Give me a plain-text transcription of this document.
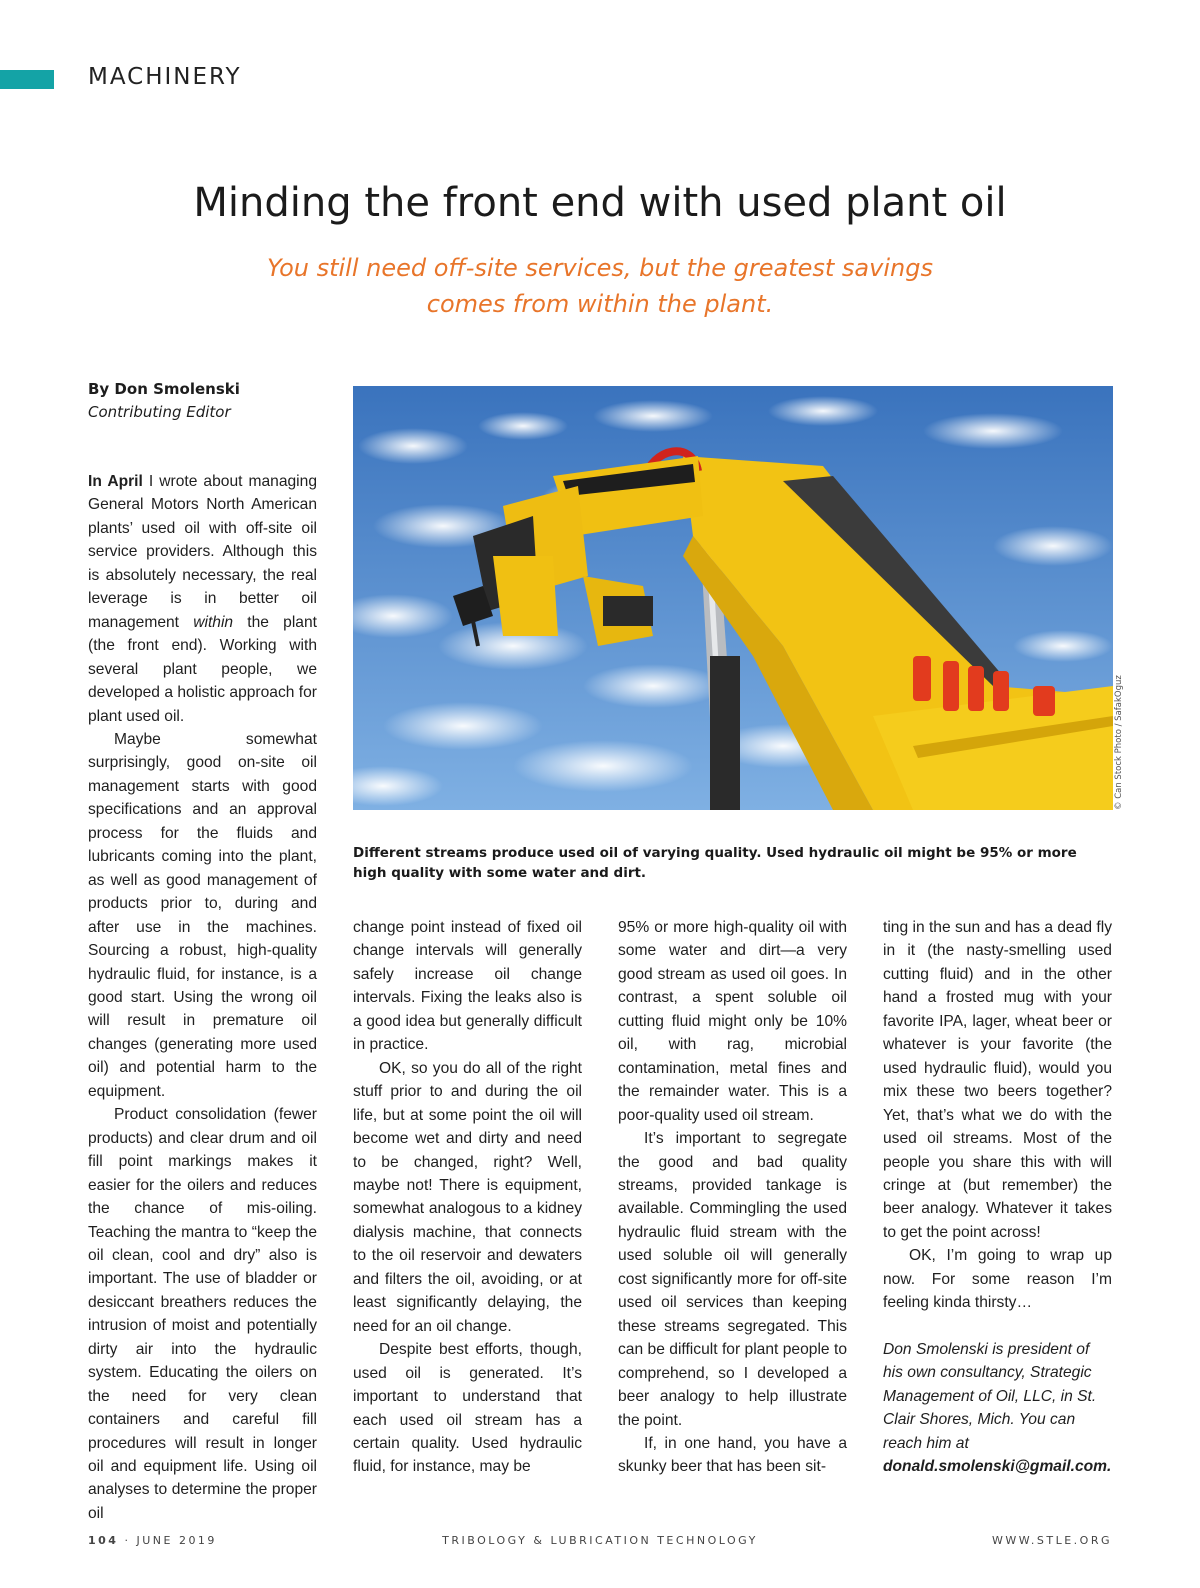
MACHINERY
Minding the front end with used plant oil
You still need off-site services, but the greatest savings comes from within the plant.
By Don Smolenski
Contributing Editor
© Can Stock Photo / SafakOguz
Different streams produce used oil of varying quality. Used hydraulic oil might be 95% or more high quality with some water and dirt.

In April I wrote about managing General Motors North American plants’ used oil with off-site oil service providers. Although this is absolutely necessary, the real leverage is in better oil management within the plant (the front end). Working with several plant people, we developed a holistic approach for plant used oil.

Maybe somewhat surprisingly, good on-site oil management starts with good specifications and an approval process for the fluids and lubricants coming into the plant, as well as good management of products prior to, during and after use in the machines. Sourcing a robust, high-quality hydraulic fluid, for instance, is a good start. Using the wrong oil will result in premature oil changes (generating more used oil) and potential harm to the equipment.

Product consolidation (fewer products) and clear drum and oil fill point markings makes it easier for the oilers and reduces the chance of mis-oiling. Teaching the mantra to “keep the oil clean, cool and dry” also is important. The use of bladder or desiccant breathers reduces the intrusion of moist and potentially dirty air into the hydraulic system. Educating the oilers on the need for very clean containers and careful fill procedures will result in longer oil and equipment life. Using oil analyses to determine the proper oil

change point instead of fixed oil change intervals will generally safely increase oil change intervals. Fixing the leaks also is a good idea but generally difficult in practice.

OK, so you do all of the right stuff prior to and during the oil life, but at some point the oil will become wet and dirty and need to be changed, right? Well, maybe not! There is equipment, somewhat analogous to a kidney dialysis machine, that connects to the oil reservoir and dewaters and filters the oil, avoiding, or at least significantly delaying, the need for an oil change.

Despite best efforts, though, used oil is generated. It’s important to understand that each used oil stream has a certain quality. Used hydraulic fluid, for instance, may be

95% or more high-quality oil with some water and dirt—a very good stream as used oil goes. In contrast, a spent soluble oil cutting fluid might only be 10% oil, with rag, microbial contamination, metal fines and the remainder water. This is a poor-quality used oil stream.

It’s important to segregate the good and bad quality streams, provided tankage is available. Commingling the used hydraulic fluid stream with the used soluble oil will generally cost significantly more for off-site used oil services than keeping these streams segregated. This can be difficult for plant people to comprehend, so I developed a beer analogy to help illustrate the point.

If, in one hand, you have a skunky beer that has been sit-

ting in the sun and has a dead fly in it (the nasty-smelling used cutting fluid) and in the other hand a frosted mug with your favorite IPA, lager, wheat beer or whatever is your favorite (the used hydraulic fluid), would you mix these two beers together? Yet, that’s what we do with the used oil streams. Most of the people you share this with will cringe at (but remember) the beer analogy. Whatever it takes to get the point across!

OK, I’m going to wrap up now. For some reason I’m feeling kinda thirsty…

Don Smolenski is president of his own consultancy, Strategic Management of Oil, LLC, in St. Clair Shores, Mich. You can reach him at donald.smolenski@gmail.com.

104 · JUNE 2019	TRIBOLOGY & LUBRICATION TECHNOLOGY	WWW.STLE.ORG
